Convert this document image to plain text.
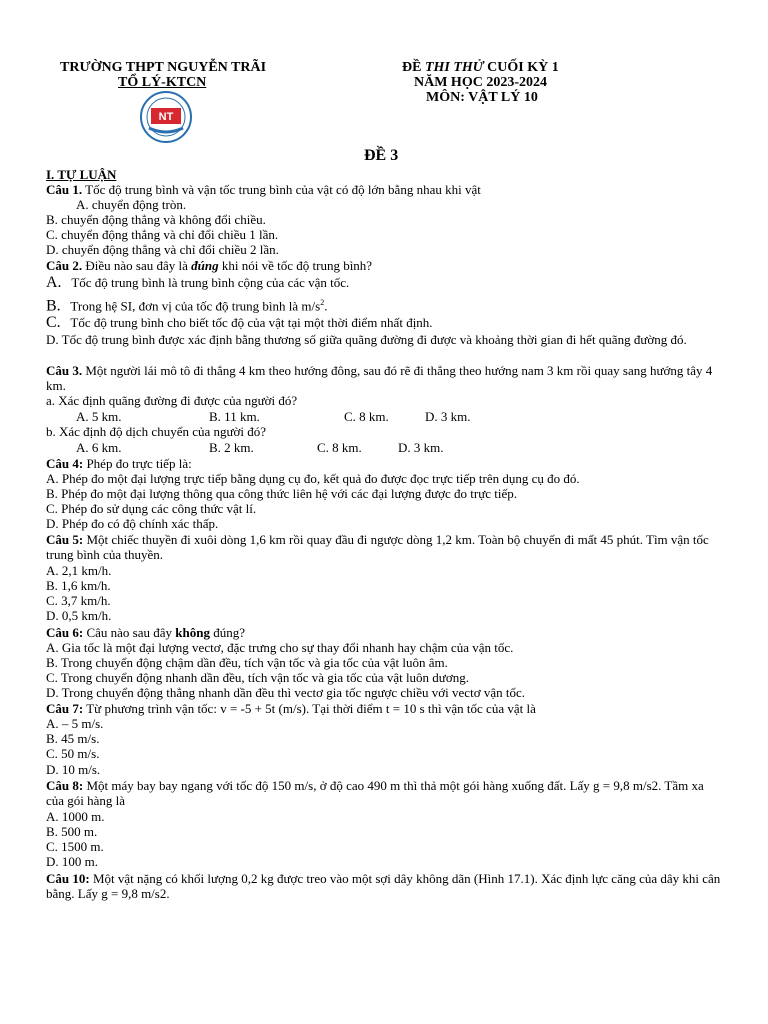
TRƯỜNG THPT NGUYỄN TRÃI
TỔ LÝ-KTCN
NT
ĐỀ THI THỬ CUỐI KỲ 1
NĂM HỌC 2023-2024
MÔN: VẬT LÝ 10
ĐỀ 3
I. TỰ LUẬN
Câu 1. Tốc độ trung bình và vận tốc trung bình của vật có độ lớn bằng nhau khi vật
A. chuyển động tròn.
B. chuyển động thẳng và không đổi chiều.
C. chuyển động thẳng và chỉ đổi chiều 1 lần.
D. chuyển động thẳng và chỉ đổi chiều 2 lần.
Câu 2. Điều nào sau đây là đúng khi nói về tốc độ trung bình?
A. Tốc độ trung bình là trung bình cộng của các vận tốc.
B. Trong hệ SI, đơn vị của tốc độ trung bình là $m/s^2$.
C. Tốc độ trung bình cho biết tốc độ của vật tại một thời điểm nhất định.
D. Tốc độ trung bình được xác định bằng thương số giữa quãng đường đi được và khoảng thời gian đi hết quãng đường đó.
Câu 3. Một người lái mô tô đi thẳng 4 km theo hướng đông, sau đó rẽ đi thẳng theo hướng nam 3 km rồi quay sang hướng tây 4 km.
a. Xác định quãng đường đi được của người đó?
A. 5 km.	B. 11 km.	C. 8 km.	D. 3 km.
b. Xác định độ dịch chuyển của người đó?
A. 6 km.	B. 2 km.	C. 8 km.	D. 3 km.
Câu 4: Phép đo trực tiếp là:
A. Phép đo một đại lượng trực tiếp bằng dụng cụ đo, kết quả đo được đọc trực tiếp trên dụng cụ đo đó.
B. Phép đo một đại lượng thông qua công thức liên hệ với các đại lượng được đo trực tiếp.
C. Phép đo sử dụng các công thức vật lí.
D. Phép đo có độ chính xác thấp.
Câu 5: Một chiếc thuyền đi xuôi dòng 1,6 km rồi quay đầu đi ngược dòng 1,2 km. Toàn bộ chuyến đi mất 45 phút. Tìm vận tốc trung bình của thuyền.
A. 2,1 km/h.
B. 1,6 km/h.
C. 3,7 km/h.
D. 0,5 km/h.
Câu 6: Câu nào sau đây không đúng?
A. Gia tốc là một đại lượng vectơ, đặc trưng cho sự thay đổi nhanh hay chậm của vận tốc.
B. Trong chuyển động chậm dần đều, tích vận tốc và gia tốc của vật luôn âm.
C. Trong chuyển động nhanh dần đều, tích vận tốc và gia tốc của vật luôn dương.
D. Trong chuyển động thẳng nhanh dần đều thì vectơ gia tốc ngược chiều với vectơ vận tốc.
Câu 7: Từ phương trình vận tốc: v = -5 + 5t (m/s). Tại thời điểm t = 10 s thì vận tốc của vật là
A. – 5 m/s.
B. 45 m/s.
C. 50 m/s.
D. 10 m/s.
Câu 8: Một máy bay bay ngang với tốc độ 150 m/s, ở độ cao 490 m thì thả một gói hàng xuống đất. Lấy g = 9,8 m/s2. Tầm xa của gói hàng là
A. 1000 m.
B. 500 m.
C. 1500 m.
D. 100 m.
Câu 10: Một vật nặng có khối lượng 0,2 kg được treo vào một sợi dây không dãn (Hình 17.1). Xác định lực căng của dây khi cân bằng. Lấy g = 9,8 m/s2.
